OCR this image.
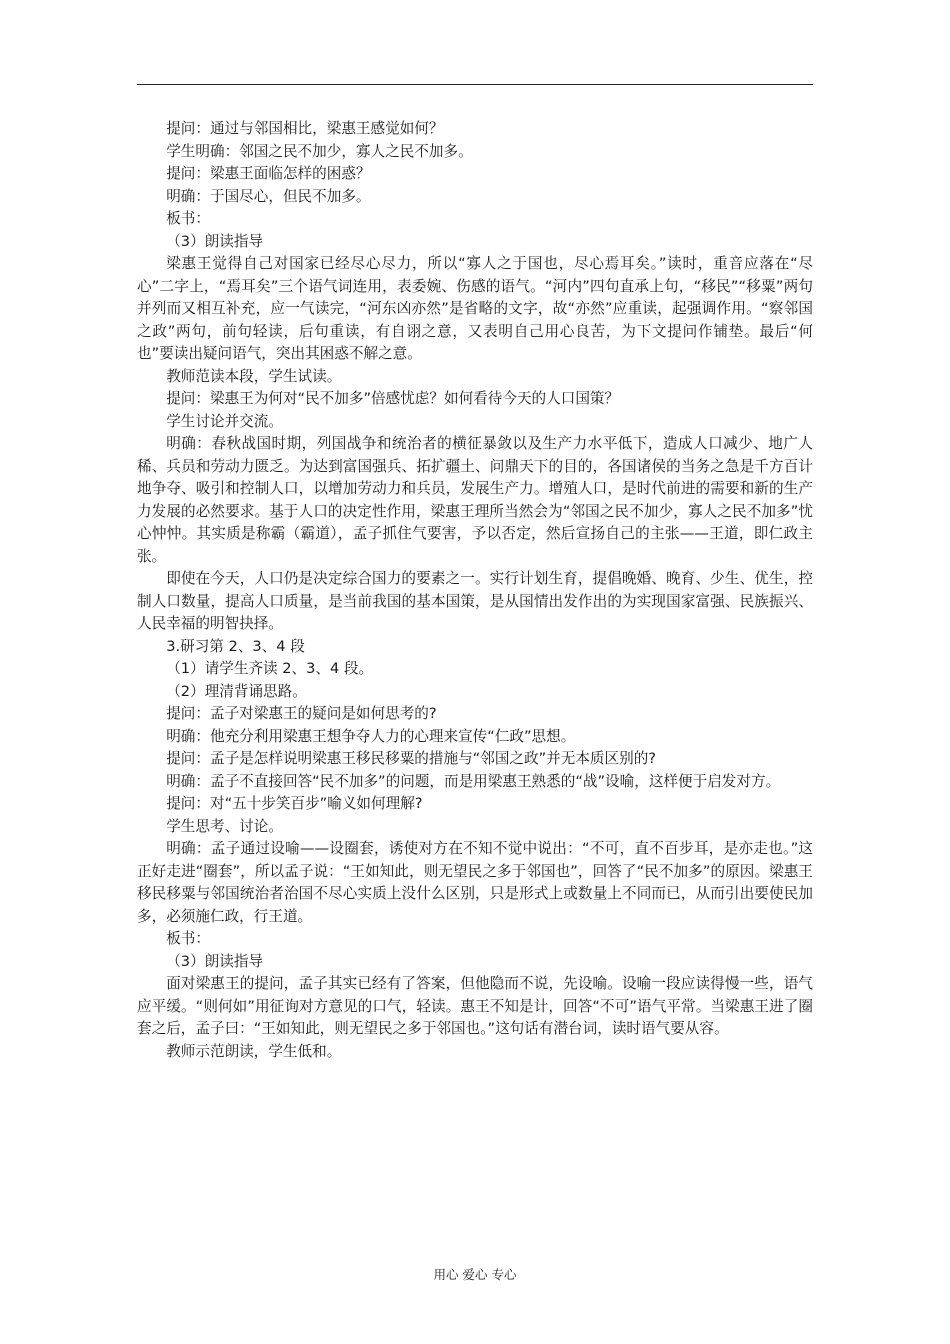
提问：通过与邻国相比，梁惠王感觉如何？

学生明确：邻国之民不加少，寡人之民不加多。

提问：梁惠王面临怎样的困惑？

明确：于国尽心，但民不加多。

板书：

（3）朗读指导

梁惠王觉得自己对国家已经尽心尽力，所以“寡人之于国也，尽心焉耳矣。”读时，重音应落在“尽心”二字上，“焉耳矣”三个语气词连用，表委婉、伤感的语气。“河内”四句直承上句，“移民”“移粟”两句并列而又相互补充，应一气读完，“河东凶亦然”是省略的文字，故“亦然”应重读，起强调作用。“察邻国之政”两句，前句轻读，后句重读，有自诩之意，又表明自己用心良苦，为下文提问作铺垫。最后“何也”要读出疑问语气，突出其困惑不解之意。

教师范读本段，学生试读。

提问：梁惠王为何对“民不加多”倍感忧虑？如何看待今天的人口国策？

学生讨论并交流。

明确：春秋战国时期，列国战争和统治者的横征暴敛以及生产力水平低下，造成人口减少、地广人稀、兵员和劳动力匮乏。为达到富国强兵、拓扩疆土、问鼎天下的目的，各国诸侯的当务之急是千方百计地争夺、吸引和控制人口，以增加劳动力和兵员，发展生产力。增殖人口，是时代前进的需要和新的生产力发展的必然要求。基于人口的决定性作用，梁惠王理所当然会为“邻国之民不加少，寡人之民不加多”忧心忡忡。其实质是称霸（霸道），孟子抓住气要害，予以否定，然后宣扬自己的主张——王道，即仁政主张。

即使在今天，人口仍是决定综合国力的要素之一。实行计划生育，提倡晚婚、晚育、少生、优生，控制人口数量，提高人口质量，是当前我国的基本国策，是从国情出发作出的为实现国家富强、民族振兴、人民幸福的明智抉择。

3.研习第 2、3、4 段

（1）请学生齐读 2、3、4 段。

（2）理清背诵思路。

提问：孟子对梁惠王的疑问是如何思考的?

明确：他充分利用梁惠王想争夺人力的心理来宣传“仁政”思想。

提问：孟子是怎样说明梁惠王移民移粟的措施与“邻国之政”并无本质区别的?

明确：孟子不直接回答“民不加多”的问题，而是用梁惠王熟悉的“战”设喻，这样便于启发对方。

提问：对“五十步笑百步”喻义如何理解?

学生思考、讨论。

明确：孟子通过设喻——设圈套，诱使对方在不知不觉中说出：“不可，直不百步耳，是亦走也。”这正好走进“圈套”，所以孟子说：“王如知此，则无望民之多于邻国也”，回答了“民不加多”的原因。梁惠王移民移粟与邻国统治者治国不尽心实质上没什么区别，只是形式上或数量上不同而已，从而引出要使民加多，必须施仁政，行王道。

板书：

（3）朗读指导

面对梁惠王的提问，孟子其实已经有了答案，但他隐而不说，先设喻。设喻一段应读得慢一些，语气应平缓。“则何如”用征询对方意见的口气，轻读。惠王不知是计，回答“不可”语气平常。当梁惠王进了圈套之后，孟子曰：“王如知此，则无望民之多于邻国也。”这句话有潜台词，读时语气要从容。

教师示范朗读，学生低和。

用心 爱心 专心
